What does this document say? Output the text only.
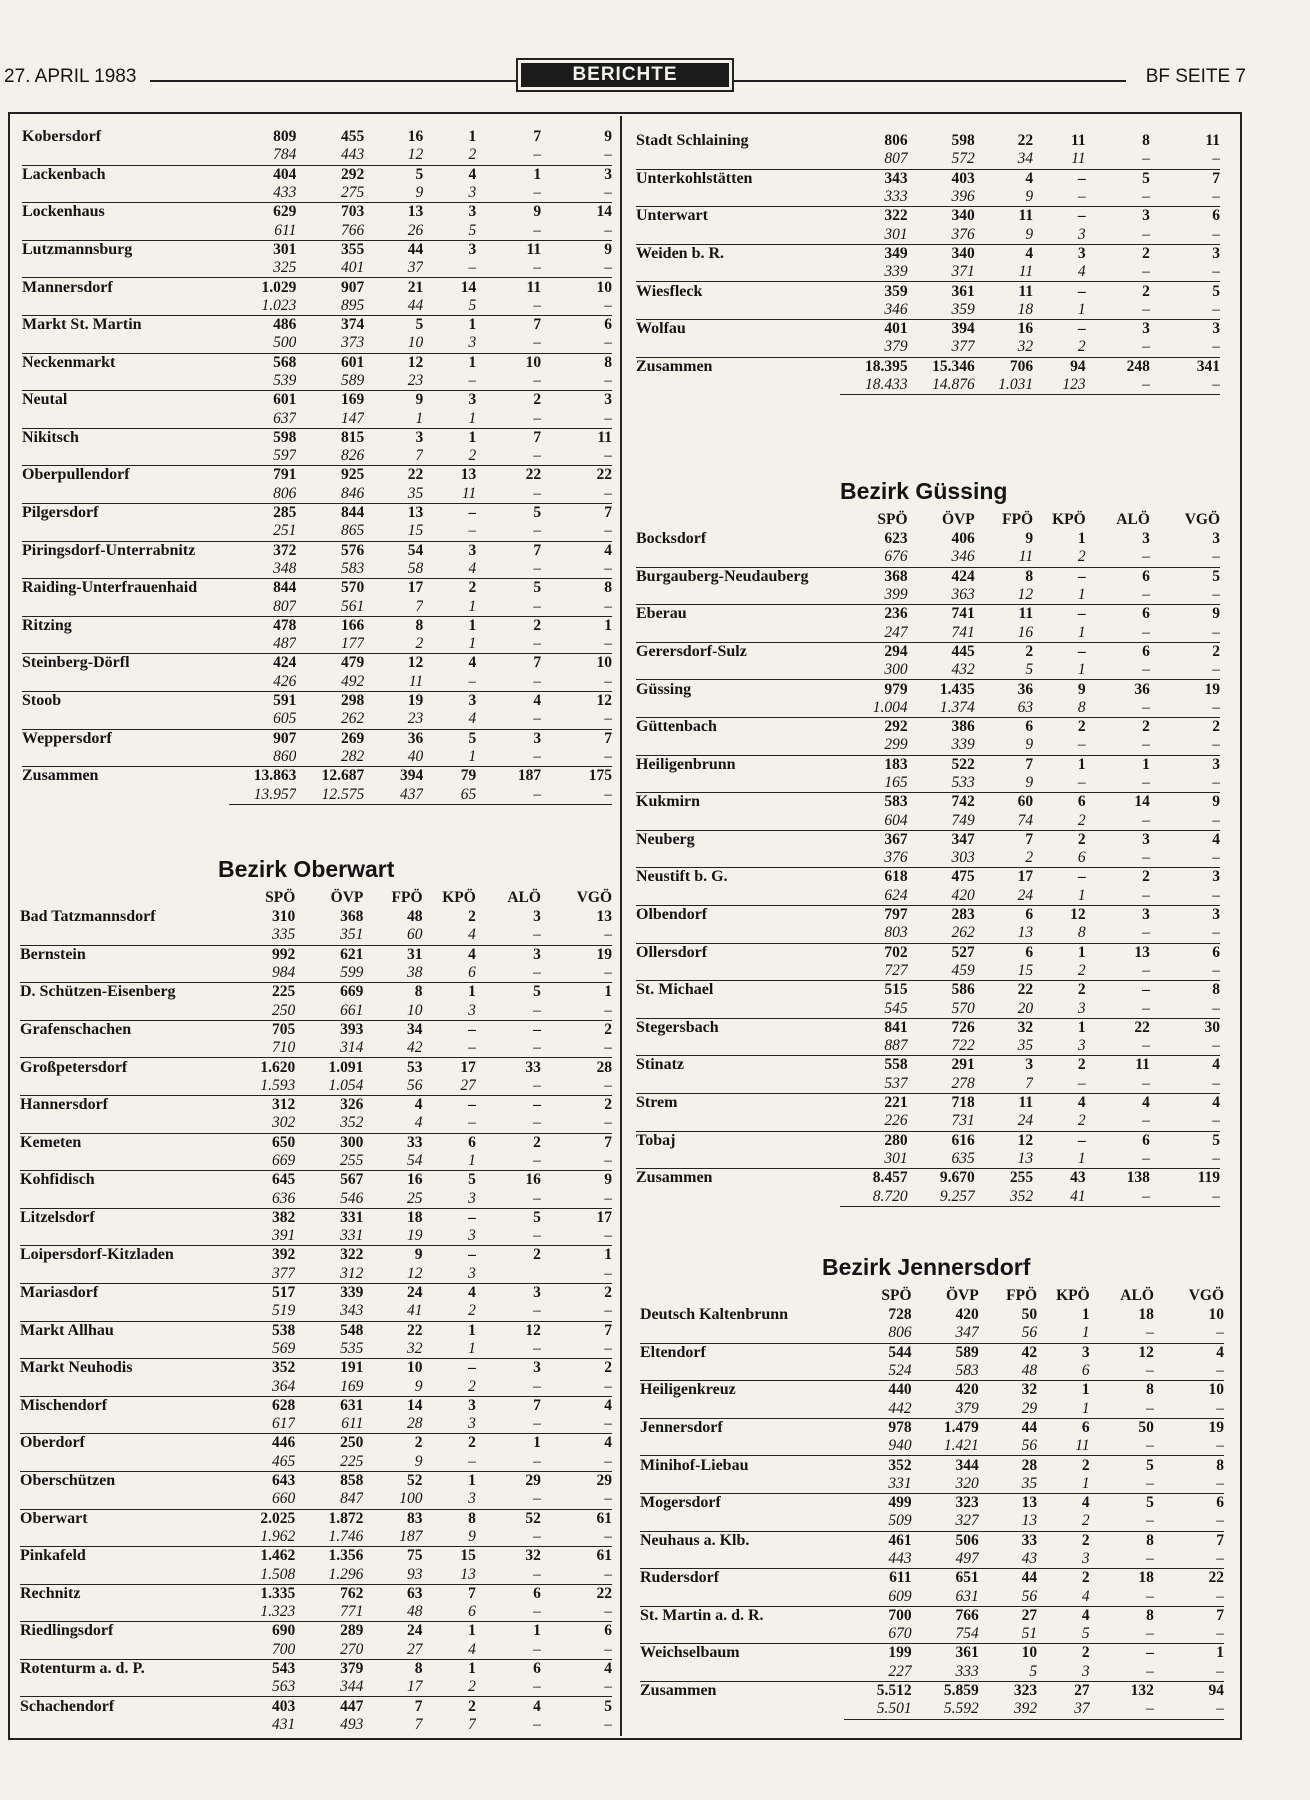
27. APRIL 1983	BERICHTE	BF SEITE 7
Kobersdorf	809	455	16	1	7	9
	784	443	12	2	–	–
Lackenbach	404	292	5	4	1	3
	433	275	9	3	–	–
Lockenhaus	629	703	13	3	9	14
	611	766	26	5	–	–
Lutzmannsburg	301	355	44	3	11	9
	325	401	37	–	–	–
Mannersdorf	1.029	907	21	14	11	10
	1.023	895	44	5	–	–
Markt St. Martin	486	374	5	1	7	6
	500	373	10	3	–	–
Neckenmarkt	568	601	12	1	10	8
	539	589	23	–	–	–
Neutal	601	169	9	3	2	3
	637	147	1	1	–	–
Nikitsch	598	815	3	1	7	11
	597	826	7	2	–	–
Oberpullendorf	791	925	22	13	22	22
	806	846	35	11	–	–
Pilgersdorf	285	844	13	–	5	7
	251	865	15	–	–	–
Piringsdorf-Unterrabnitz	372	576	54	3	7	4
	348	583	58	4	–	–
Raiding-Unterfrauenhaid	844	570	17	2	5	8
	807	561	7	1	–	–
Ritzing	478	166	8	1	2	1
	487	177	2	1	–	–
Steinberg-Dörfl	424	479	12	4	7	10
	426	492	11	–	–	–
Stoob	591	298	19	3	4	12
	605	262	23	4	–	–
Weppersdorf	907	269	36	5	3	7
	860	282	40	1	–	–
Zusammen	13.863	12.687	394	79	187	175
	13.957	12.575	437	65	–	–
Bezirk Oberwart
	SPÖ	ÖVP	FPÖ	KPÖ	ALÖ	VGÖ
Bad Tatzmannsdorf	310	368	48	2	3	13
	335	351	60	4	–	–
Bernstein	992	621	31	4	3	19
	984	599	38	6	–	–
D. Schützen-Eisenberg	225	669	8	1	5	1
	250	661	10	3	–	–
Grafenschachen	705	393	34	–	–	2
	710	314	42	–	–	–
Großpetersdorf	1.620	1.091	53	17	33	28
	1.593	1.054	56	27	–	–
Hannersdorf	312	326	4	–	–	2
	302	352	4	–	–	–
Kemeten	650	300	33	6	2	7
	669	255	54	1	–	–
Kohfidisch	645	567	16	5	16	9
	636	546	25	3	–	–
Litzelsdorf	382	331	18	–	5	17
	391	331	19	3	–	–
Loipersdorf-Kitzladen	392	322	9	–	2	1
	377	312	12	3		–
Mariasdorf	517	339	24	4	3	2
	519	343	41	2	–	–
Markt Allhau	538	548	22	1	12	7
	569	535	32	1	–	–
Markt Neuhodis	352	191	10	–	3	2
	364	169	9	2	–	–
Mischendorf	628	631	14	3	7	4
	617	611	28	3	–	–
Oberdorf	446	250	2	2	1	4
	465	225	9	–	–	–
Oberschützen	643	858	52	1	29	29
	660	847	100	3	–	–
Oberwart	2.025	1.872	83	8	52	61
	1.962	1.746	187	9	–	–
Pinkafeld	1.462	1.356	75	15	32	61
	1.508	1.296	93	13	–	–
Rechnitz	1.335	762	63	7	6	22
	1.323	771	48	6	–	–
Riedlingsdorf	690	289	24	1	1	6
	700	270	27	4	–	–
Rotenturm a. d. P.	543	379	8	1	6	4
	563	344	17	2	–	–
Schachendorf	403	447	7	2	4	5
	431	493	7	7	–	–
Stadt Schlaining	806	598	22	11	8	11
	807	572	34	11	–	–
Unterkohlstätten	343	403	4	–	5	7
	333	396	9	–	–	–
Unterwart	322	340	11	–	3	6
	301	376	9	3	–	–
Weiden b. R.	349	340	4	3	2	3
	339	371	11	4	–	–
Wiesfleck	359	361	11	–	2	5
	346	359	18	1	–	–
Wolfau	401	394	16	–	3	3
	379	377	32	2	–	–
Zusammen	18.395	15.346	706	94	248	341
	18.433	14.876	1.031	123	–	–
Bezirk Güssing
	SPÖ	ÖVP	FPÖ	KPÖ	ALÖ	VGÖ
Bocksdorf	623	406	9	1	3	3
	676	346	11	2	–	–
Burgauberg-Neudauberg	368	424	8	–	6	5
	399	363	12	1	–	–
Eberau	236	741	11	–	6	9
	247	741	16	1	–	–
Gerersdorf-Sulz	294	445	2	–	6	2
	300	432	5	1	–	–
Güssing	979	1.435	36	9	36	19
	1.004	1.374	63	8	–	–
Güttenbach	292	386	6	2	2	2
	299	339	9	–	–	–
Heiligenbrunn	183	522	7	1	1	3
	165	533	9	–	–	–
Kukmirn	583	742	60	6	14	9
	604	749	74	2	–	–
Neuberg	367	347	7	2	3	4
	376	303	2	6	–	–
Neustift b. G.	618	475	17	–	2	3
	624	420	24	1	–	–
Olbendorf	797	283	6	12	3	3
	803	262	13	8	–	–
Ollersdorf	702	527	6	1	13	6
	727	459	15	2	–	–
St. Michael	515	586	22	2	–	8
	545	570	20	3	–	–
Stegersbach	841	726	32	1	22	30
	887	722	35	3	–	–
Stinatz	558	291	3	2	11	4
	537	278	7	–	–	–
Strem	221	718	11	4	4	4
	226	731	24	2	–	–
Tobaj	280	616	12	–	6	5
	301	635	13	1	–	–
Zusammen	8.457	9.670	255	43	138	119
	8.720	9.257	352	41	–	–
Bezirk Jennersdorf
	SPÖ	ÖVP	FPÖ	KPÖ	ALÖ	VGÖ
Deutsch Kaltenbrunn	728	420	50	1	18	10
	806	347	56	1	–	–
Eltendorf	544	589	42	3	12	4
	524	583	48	6	–	–
Heiligenkreuz	440	420	32	1	8	10
	442	379	29	1	–	–
Jennersdorf	978	1.479	44	6	50	19
	940	1.421	56	11	–	–
Minihof-Liebau	352	344	28	2	5	8
	331	320	35	1	–	–
Mogersdorf	499	323	13	4	5	6
	509	327	13	2	–	–
Neuhaus a. Klb.	461	506	33	2	8	7
	443	497	43	3	–	–
Rudersdorf	611	651	44	2	18	22
	609	631	56	4	–	–
St. Martin a. d. R.	700	766	27	4	8	7
	670	754	51	5	–	–
Weichselbaum	199	361	10	2	–	1
	227	333	5	3	–	–
Zusammen	5.512	5.859	323	27	132	94
	5.501	5.592	392	37	–	–
